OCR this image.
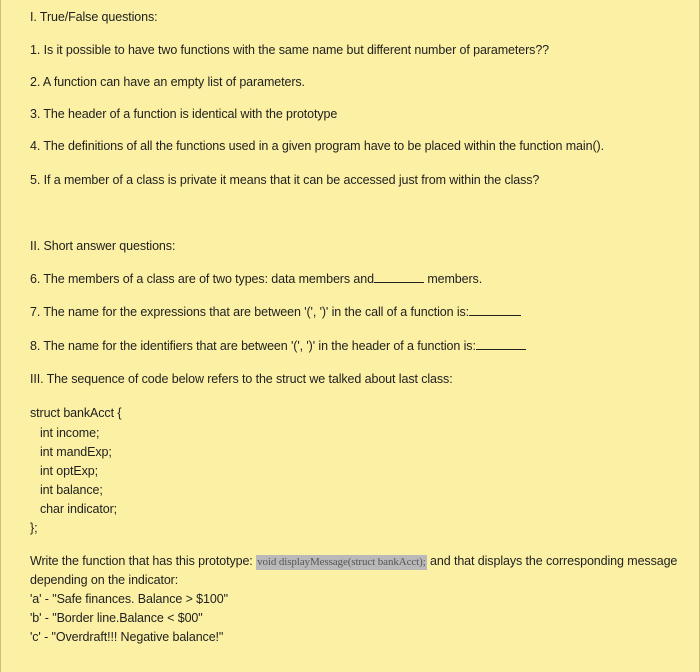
I. True/False questions:
1. Is it possible to have two functions with the same name but different number of parameters??
2. A function can have an empty list of parameters.
3. The header of a function is identical with the prototype
4. The definitions of all the functions used in a given program have to be placed within the function main().
5. If a member of a class is private it means that it can be accessed just from within the class?
II. Short answer questions:
6. The members of a class are of two types: data members and	members.
7. The name for the expressions that are between '(', ')' in the call of a function is:
8. The name for the identifiers that are between '(', ')' in the header of a function is:
III. The sequence of code below refers to the struct we talked about last class:
struct bankAcct {
int income;
int mandExp;
int optExp;
int balance;
char indicator;
};
Write the function that has this prototype: void displayMessage(struct bankAcct); and that displays the corresponding message
depending on the indicator:
'a' - "Safe finances. Balance > $100"
'b' - "Border line.Balance < $00"
'c' - "Overdraft!!! Negative balance!"
